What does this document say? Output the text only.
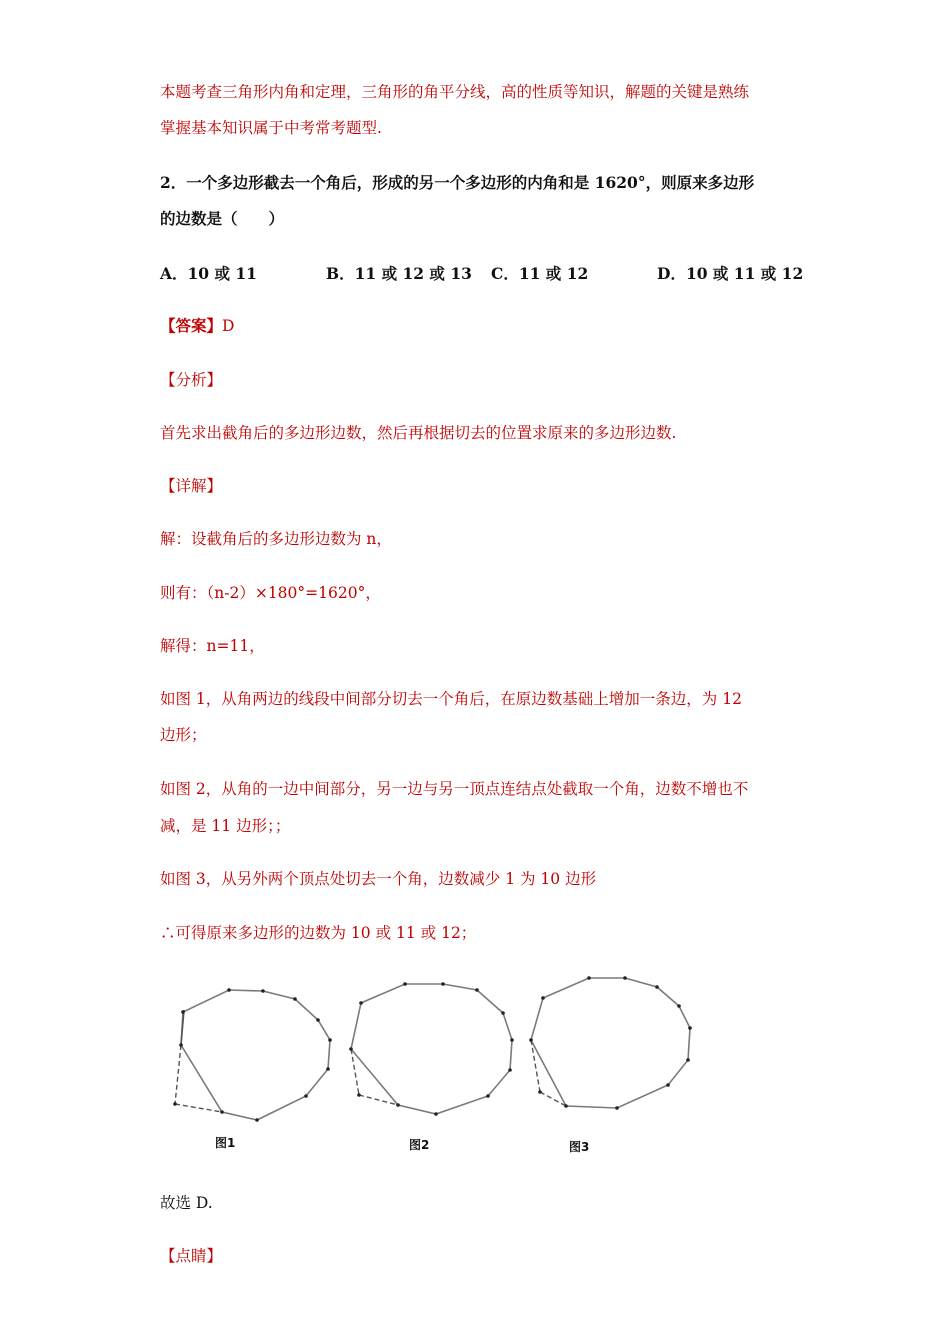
本题考查三角形内角和定理，三角形的角平分线，高的性质等知识，解题的关键是熟练
掌握基本知识属于中考常考题型.
2．一个多边形截去一个角后，形成的另一个多边形的内角和是 1620°，则原来多边形
的边数是（　　）
A．10 或 11	B．11 或 12 或 13 C．11 或 12	D．10 或 11 或 12
【答案】D
【分析】
首先求出截角后的多边形边数，然后再根据切去的位置求原来的多边形边数.
【详解】
解：设截角后的多边形边数为 n，
则有：（n-2）×180°=1620°，
解得：n=11，
如图 1，从角两边的线段中间部分切去一个角后，在原边数基础上增加一条边，为 12
边形；
如图 2，从角的一边中间部分，另一边与另一顶点连结点处截取一个角，边数不增也不
减，是 11 边形；；
如图 3，从另外两个顶点处切去一个角，边数减少 1 为 10 边形
∴可得原来多边形的边数为 10 或 11 或 12；
图1	图2	图3
故选 D.
【点睛】
